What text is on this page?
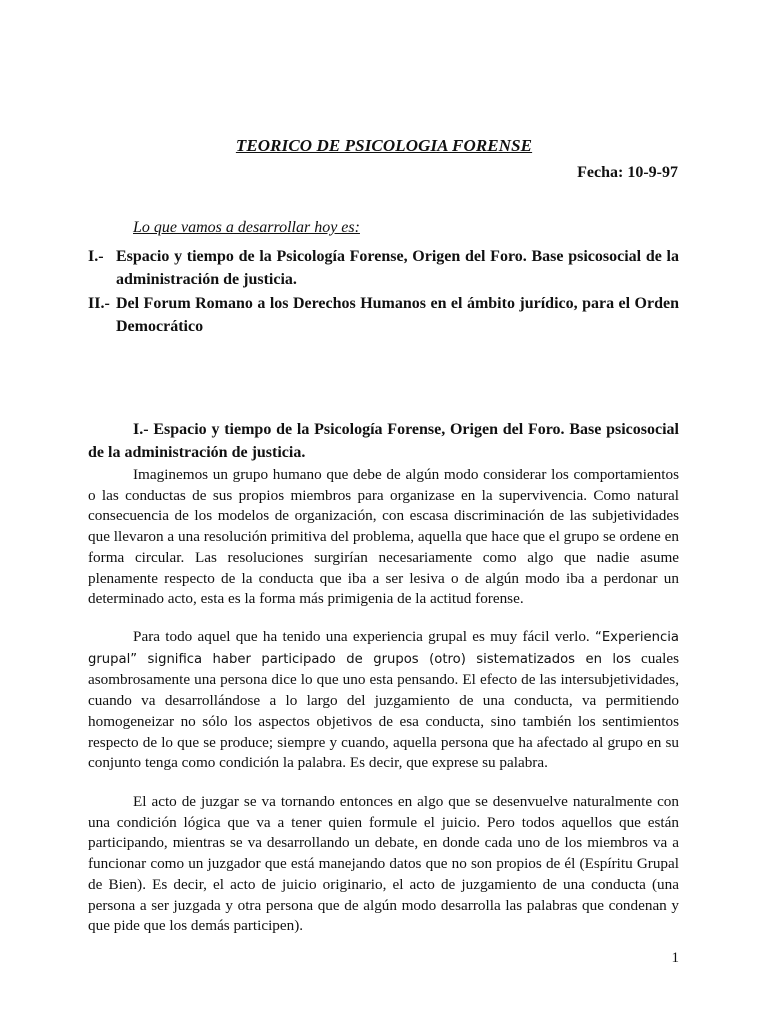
TEORICO DE PSICOLOGIA FORENSE
Fecha: 10-9-97
Lo que vamos a desarrollar hoy es:
I.- Espacio y tiempo de la Psicología Forense, Origen del Foro. Base psicosocial de la administración de justicia.
II.- Del Forum Romano a los Derechos Humanos en el ámbito jurídico, para el Orden Democrático
I.- Espacio y tiempo de la Psicología Forense, Origen del Foro. Base psicosocial de la administración de justicia.

Imaginemos un grupo humano que debe de algún modo considerar los comportamientos o las conductas de sus propios miembros para organizase en la supervivencia. Como natural consecuencia de los modelos de organización, con escasa discriminación de las subjetividades que llevaron a una resolución primitiva del problema, aquella que hace que el grupo se ordene en forma circular. Las resoluciones surgirían necesariamente como algo que nadie asume plenamente respecto de la conducta que iba a ser lesiva o de algún modo iba a perdonar un determinado acto, esta es la forma más primigenia de la actitud forense.

Para todo aquel que ha tenido una experiencia grupal es muy fácil verlo. “Experiencia grupal” significa haber participado de grupos (otro) sistematizados en los cuales asombrosamente una persona dice lo que uno esta pensando. El efecto de las intersubjetividades, cuando va desarrollándose a lo largo del juzgamiento de una conducta, va permitiendo homogeneizar no sólo los aspectos objetivos de esa conducta, sino también los sentimientos respecto de lo que se produce; siempre y cuando, aquella persona que ha afectado al grupo en su conjunto tenga como condición la palabra. Es decir, que exprese su palabra.

El acto de juzgar se va tornando entonces en algo que se desenvuelve naturalmente con una condición lógica que va a tener quien formule el juicio. Pero todos aquellos que están participando, mientras se va desarrollando un debate, en donde cada uno de los miembros va a funcionar como un juzgador que está manejando datos que no son propios de él (Espíritu Grupal de Bien). Es decir, el acto de juicio originario, el acto de juzgamiento de una conducta (una persona a ser juzgada y otra persona que de algún modo desarrolla las palabras que condenan y que pide que los demás participen).

1
